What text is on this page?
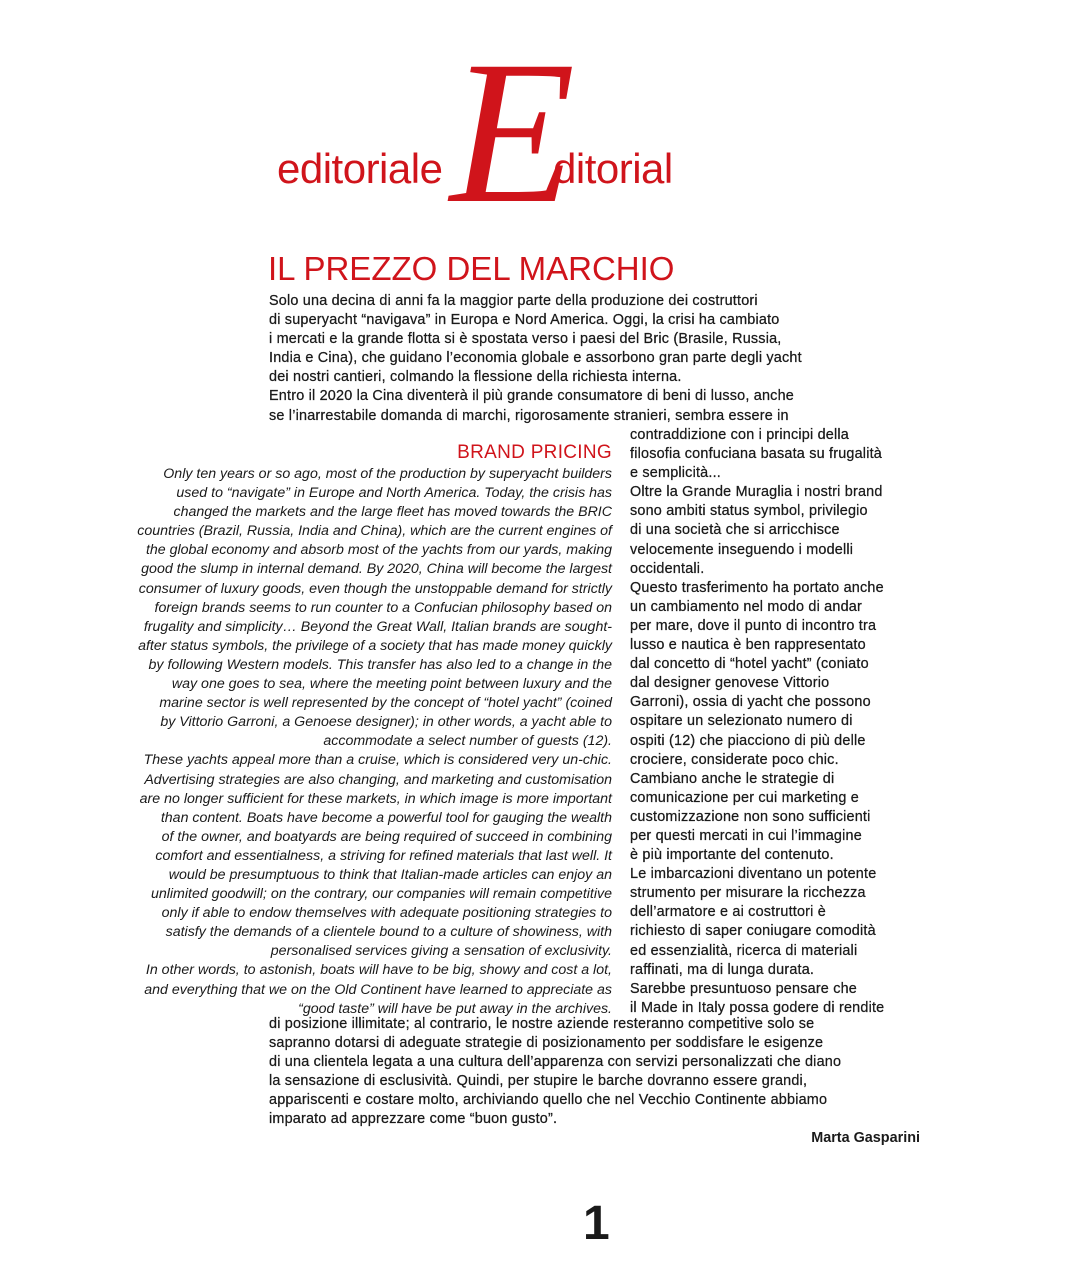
editoriale E
ditorial
IL PREZZO DEL MARCHIO
Solo una decina di anni fa la maggior parte della produzione dei costruttori
di superyacht “navigava” in Europa e Nord America. Oggi, la crisi ha cambiato
i mercati e la grande flotta si è spostata verso i paesi del Bric (Brasile, Russia,
India e Cina), che guidano l’economia globale e assorbono gran parte degli yacht
dei nostri cantieri, colmando la flessione della richiesta interna.
Entro il 2020 la Cina diventerà il più grande consumatore di beni di lusso, anche
se l’inarrestabile domanda di marchi, rigorosamente stranieri, sembra essere in
BRAND PRICING
Only ten years or so ago, most of the production by superyacht builders
used to “navigate” in Europe and North America. Today, the crisis has
changed the markets and the large fleet has moved towards the BRIC
countries (Brazil, Russia, India and China), which are the current engines of
the global economy and absorb most of the yachts from our yards, making
good the slump in internal demand. By 2020, China will become the largest
consumer of luxury goods, even though the unstoppable demand for strictly
foreign brands seems to run counter to a Confucian philosophy based on
frugality and simplicity… Beyond the Great Wall, Italian brands are sought-
after status symbols, the privilege of a society that has made money quickly
by following Western models. This transfer has also led to a change in the
way one goes to sea, where the meeting point between luxury and the
marine sector is well represented by the concept of “hotel yacht” (coined
by Vittorio Garroni, a Genoese designer); in other words, a yacht able to
accommodate a select number of guests (12).
These yachts appeal more than a cruise, which is considered very un-chic.
Advertising strategies are also changing, and marketing and customisation
are no longer sufficient for these markets, in which image is more important
than content. Boats have become a powerful tool for gauging the wealth
of the owner, and boatyards are being required of succeed in combining
comfort and essentialness, a striving for refined materials that last well. It
would be presumptuous to think that Italian-made articles can enjoy an
unlimited goodwill; on the contrary, our companies will remain competitive
only if able to endow themselves with adequate positioning strategies to
satisfy the demands of a clientele bound to a culture of showiness, with
personalised services giving a sensation of exclusivity.
In other words, to astonish, boats will have to be big, showy and cost a lot,
and everything that we on the Old Continent have learned to appreciate as
“good taste” will have be put away in the archives.
contraddizione con i principi della
filosofia confuciana basata su frugalità
e semplicità...
Oltre la Grande Muraglia i nostri brand
sono ambiti status symbol, privilegio
di una società che si arricchisce
velocemente inseguendo i modelli
occidentali.
Questo trasferimento ha portato anche
un cambiamento nel modo di andar
per mare, dove il punto di incontro tra
lusso e nautica è ben rappresentato
dal concetto di “hotel yacht” (coniato
dal designer genovese Vittorio
Garroni), ossia di yacht che possono
ospitare un selezionato numero di
ospiti (12) che piacciono di più delle
crociere, considerate poco chic.
Cambiano anche le strategie di
comunicazione per cui marketing e
customizzazione non sono sufficienti
per questi mercati in cui l’immagine
è più importante del contenuto.
Le imbarcazioni diventano un potente
strumento per misurare la ricchezza
dell’armatore e ai costruttori è
richiesto di saper coniugare comodità
ed essenzialità, ricerca di materiali
raffinati, ma di lunga durata.
Sarebbe presuntuoso pensare che
il Made in Italy possa godere di rendite
di posizione illimitate; al contrario, le nostre aziende resteranno competitive solo se
sapranno dotarsi di adeguate strategie di posizionamento per soddisfare le esigenze
di una clientela legata a una cultura dell’apparenza con servizi personalizzati che diano
la sensazione di esclusività. Quindi, per stupire le barche dovranno essere grandi,
appariscenti e costare molto, archiviando quello che nel Vecchio Continente abbiamo
imparato ad apprezzare come “buon gusto”.

Marta Gasparini

1
